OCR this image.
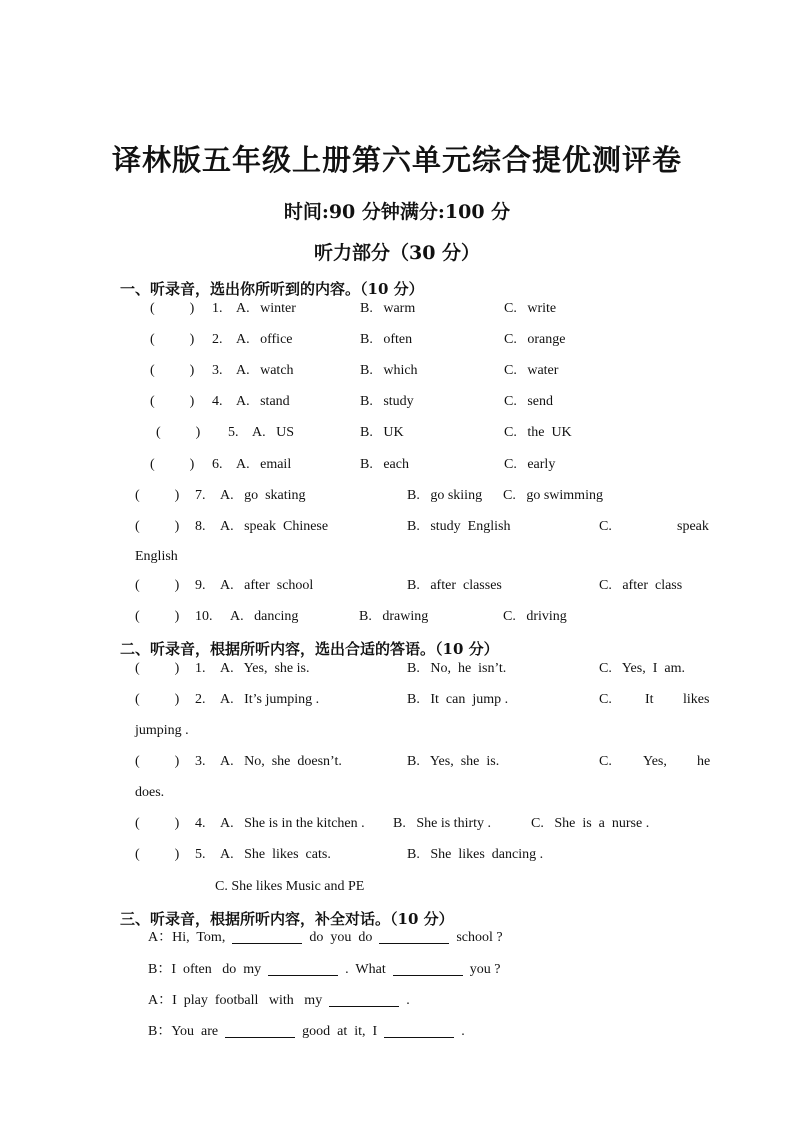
译林版五年级上册第六单元综合提优测评卷
时间:90 分钟满分:100 分
听力部分（30 分）
一、听录音，选出你所听到的内容。（10 分）
(          ) 1. A.   winter	B.   warm	C.   write
(          ) 2. A.   office	B.   often	C.   orange
(          ) 3. A.   watch	B.   which	C.   water
(          ) 4. A.   stand	B.   study	C.   send
(          ) 5. A.   US	B.   UK	C.   the  UK
(          ) 6. A.   email	B.   each	C.   early
(          ) 7. A.   go  skating	B.   go skiing C.   go swimming
(          ) 8. A.   speak  Chinese	B.   study  English	C.	speak
English
(          ) 9. A.   after  school	B.   after  classes	C.   after  class
(          ) 10. A.   dancing	B.   drawing	C.   driving
二、听录音，根据所听内容，选出合适的答语。（10 分）
(          ) 1. A.   Yes,  she is.	B.   No,  he  isn’t.	C.   Yes,  I  am.
(          ) 2. A.   It’s jumping .	B.   It  can  jump .	C. It likes
jumping .
(          ) 3. A.   No,  she  doesn’t.	B.   Yes,  she  is.	C. Yes, he
does.
(          ) 4. A.   She is in the kitchen . B.   She is thirty .	C.   She  is  a  nurse .
(          ) 5. A.   She  likes  cats.	B.   She  likes  dancing .
C. She likes Music and PE
三、听录音，根据所听内容，补全对话。（10 分）
A：Hi,  Tom,	do  you  do	school ?
B：I  often   do  my	.  What	you ?
A：I  play  football   with   my	.
B：You  are	good  at  it,  I	.
